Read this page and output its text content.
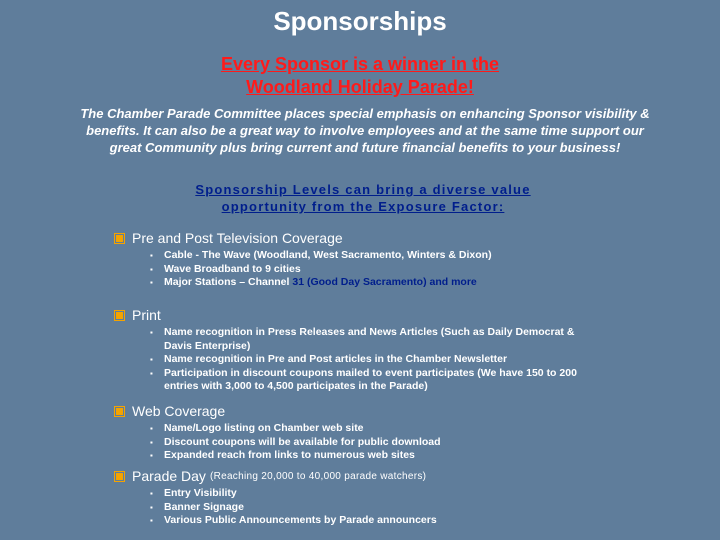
Sponsorships
Every Sponsor is a winner in the
Woodland Holiday Parade!
The Chamber Parade Committee places special emphasis on enhancing Sponsor visibility & benefits. It can also be a great way to involve employees and at the same time support our great Community plus bring current and future financial benefits to your business!
Sponsorship Levels can bring a diverse value
opportunity from the Exposure Factor:
Pre and Post Television Coverage
▪ Cable - The Wave (Woodland, West Sacramento, Winters & Dixon)
▪ Wave Broadband to 9 cities
▪ Major Stations – Channel 31 (Good Day Sacramento) and more
Print
▪ Name recognition in Press Releases and News Articles (Such as Daily Democrat & Davis Enterprise)
▪ Name recognition in Pre and Post articles in the Chamber Newsletter
▪ Participation in discount coupons mailed to event participates (We have 150 to 200 entries with 3,000 to 4,500 participates in the Parade)
Web Coverage
▪ Name/Logo listing on Chamber web site
▪ Discount coupons will be available for public download
▪ Expanded reach from links to numerous web sites
Parade Day (Reaching 20,000 to 40,000 parade watchers)
▪ Entry Visibility
▪ Banner Signage
▪ Various Public Announcements by Parade announcers
